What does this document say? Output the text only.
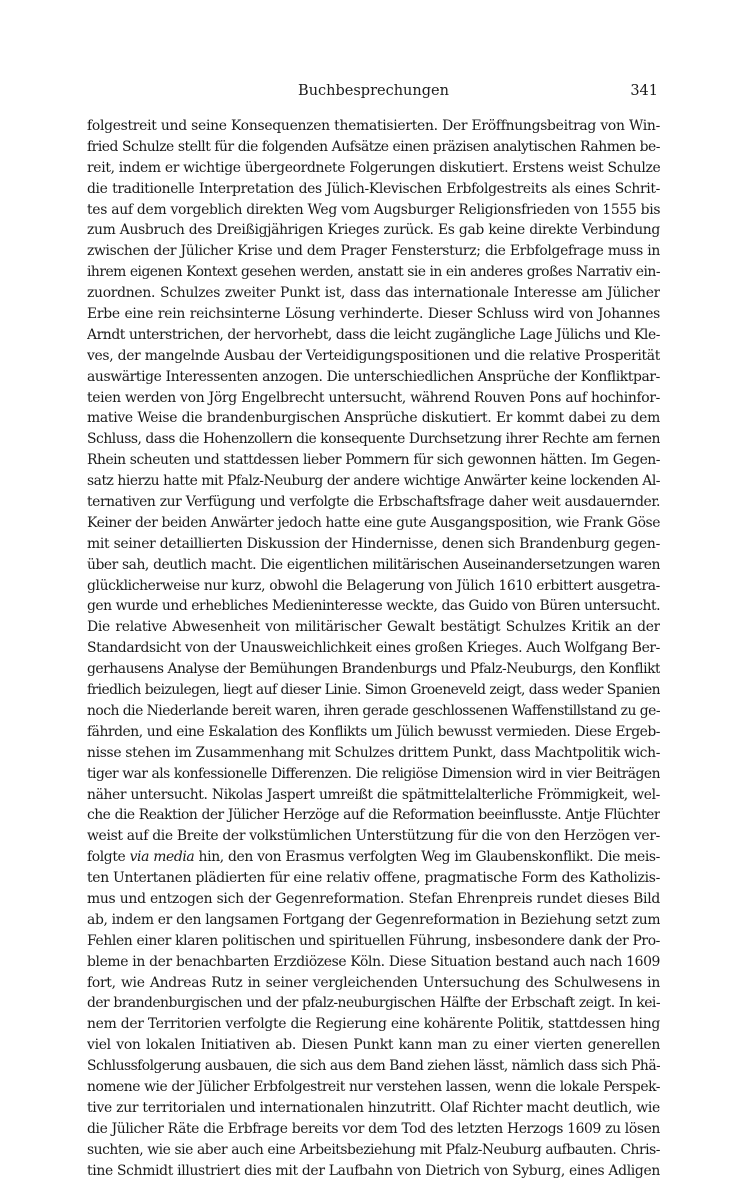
Buchbesprechungen	341
folgestreit und seine Konsequenzen thematisierten. Der Eröffnungsbeitrag von Win-
fried Schulze stellt für die folgenden Aufsätze einen präzisen analytischen Rahmen be-
reit, indem er wichtige übergeordnete Folgerungen diskutiert. Erstens weist Schulze
die traditionelle Interpretation des Jülich-Klevischen Erbfolgestreits als eines Schrit-
tes auf dem vorgeblich direkten Weg vom Augsburger Religionsfrieden von 1555 bis
zum Ausbruch des Dreißigjährigen Krieges zurück. Es gab keine direkte Verbindung
zwischen der Jülicher Krise und dem Prager Fenstersturz; die Erbfolgefrage muss in
ihrem eigenen Kontext gesehen werden, anstatt sie in ein anderes großes Narrativ ein-
zuordnen. Schulzes zweiter Punkt ist, dass das internationale Interesse am Jülicher
Erbe eine rein reichsinterne Lösung verhinderte. Dieser Schluss wird von Johannes
Arndt unterstrichen, der hervorhebt, dass die leicht zugängliche Lage Jülichs und Kle-
ves, der mangelnde Ausbau der Verteidigungspositionen und die relative Prosperität
auswärtige Interessenten anzogen. Die unterschiedlichen Ansprüche der Konfliktpar-
teien werden von Jörg Engelbrecht untersucht, während Rouven Pons auf hochinfor-
mative Weise die brandenburgischen Ansprüche diskutiert. Er kommt dabei zu dem
Schluss, dass die Hohenzollern die konsequente Durchsetzung ihrer Rechte am fernen
Rhein scheuten und stattdessen lieber Pommern für sich gewonnen hätten. Im Gegen-
satz hierzu hatte mit Pfalz-Neuburg der andere wichtige Anwärter keine lockenden Al-
ternativen zur Verfügung und verfolgte die Erbschaftsfrage daher weit ausdauernder.
Keiner der beiden Anwärter jedoch hatte eine gute Ausgangsposition, wie Frank Göse
mit seiner detaillierten Diskussion der Hindernisse, denen sich Brandenburg gegen-
über sah, deutlich macht. Die eigentlichen militärischen Auseinandersetzungen waren
glücklicherweise nur kurz, obwohl die Belagerung von Jülich 1610 erbittert ausgetra-
gen wurde und erhebliches Medieninteresse weckte, das Guido von Büren untersucht.
Die relative Abwesenheit von militärischer Gewalt bestätigt Schulzes Kritik an der
Standardsicht von der Unausweichlichkeit eines großen Krieges. Auch Wolfgang Ber-
gerhausens Analyse der Bemühungen Brandenburgs und Pfalz-Neuburgs, den Konflikt
friedlich beizulegen, liegt auf dieser Linie. Simon Groeneveld zeigt, dass weder Spanien
noch die Niederlande bereit waren, ihren gerade geschlossenen Waffenstillstand zu ge-
fährden, und eine Eskalation des Konflikts um Jülich bewusst vermieden. Diese Ergeb-
nisse stehen im Zusammenhang mit Schulzes drittem Punkt, dass Machtpolitik wich-
tiger war als konfessionelle Differenzen. Die religiöse Dimension wird in vier Beiträgen
näher untersucht. Nikolas Jaspert umreißt die spätmittelalterliche Frömmigkeit, wel-
che die Reaktion der Jülicher Herzöge auf die Reformation beeinflusste. Antje Flüchter
weist auf die Breite der volkstümlichen Unterstützung für die von den Herzögen ver-
folgte via media hin, den von Erasmus verfolgten Weg im Glaubenskonflikt. Die meis-
ten Untertanen plädierten für eine relativ offene, pragmatische Form des Katholizis-
mus und entzogen sich der Gegenreformation. Stefan Ehrenpreis rundet dieses Bild
ab, indem er den langsamen Fortgang der Gegenreformation in Beziehung setzt zum
Fehlen einer klaren politischen und spirituellen Führung, insbesondere dank der Pro-
bleme in der benachbarten Erzdiözese Köln. Diese Situation bestand auch nach 1609
fort, wie Andreas Rutz in seiner vergleichenden Untersuchung des Schulwesens in
der brandenburgischen und der pfalz-neuburgischen Hälfte der Erbschaft zeigt. In kei-
nem der Territorien verfolgte die Regierung eine kohärente Politik, stattdessen hing
viel von lokalen Initiativen ab. Diesen Punkt kann man zu einer vierten generellen
Schlussfolgerung ausbauen, die sich aus dem Band ziehen lässt, nämlich dass sich Phä-
nomene wie der Jülicher Erbfolgestreit nur verstehen lassen, wenn die lokale Perspek-
tive zur territorialen und internationalen hinzutritt. Olaf Richter macht deutlich, wie
die Jülicher Räte die Erbfrage bereits vor dem Tod des letzten Herzogs 1609 zu lösen
suchten, wie sie aber auch eine Arbeitsbeziehung mit Pfalz-Neuburg aufbauten. Chris-
tine Schmidt illustriert dies mit der Laufbahn von Dietrich von Syburg, eines Adligen
